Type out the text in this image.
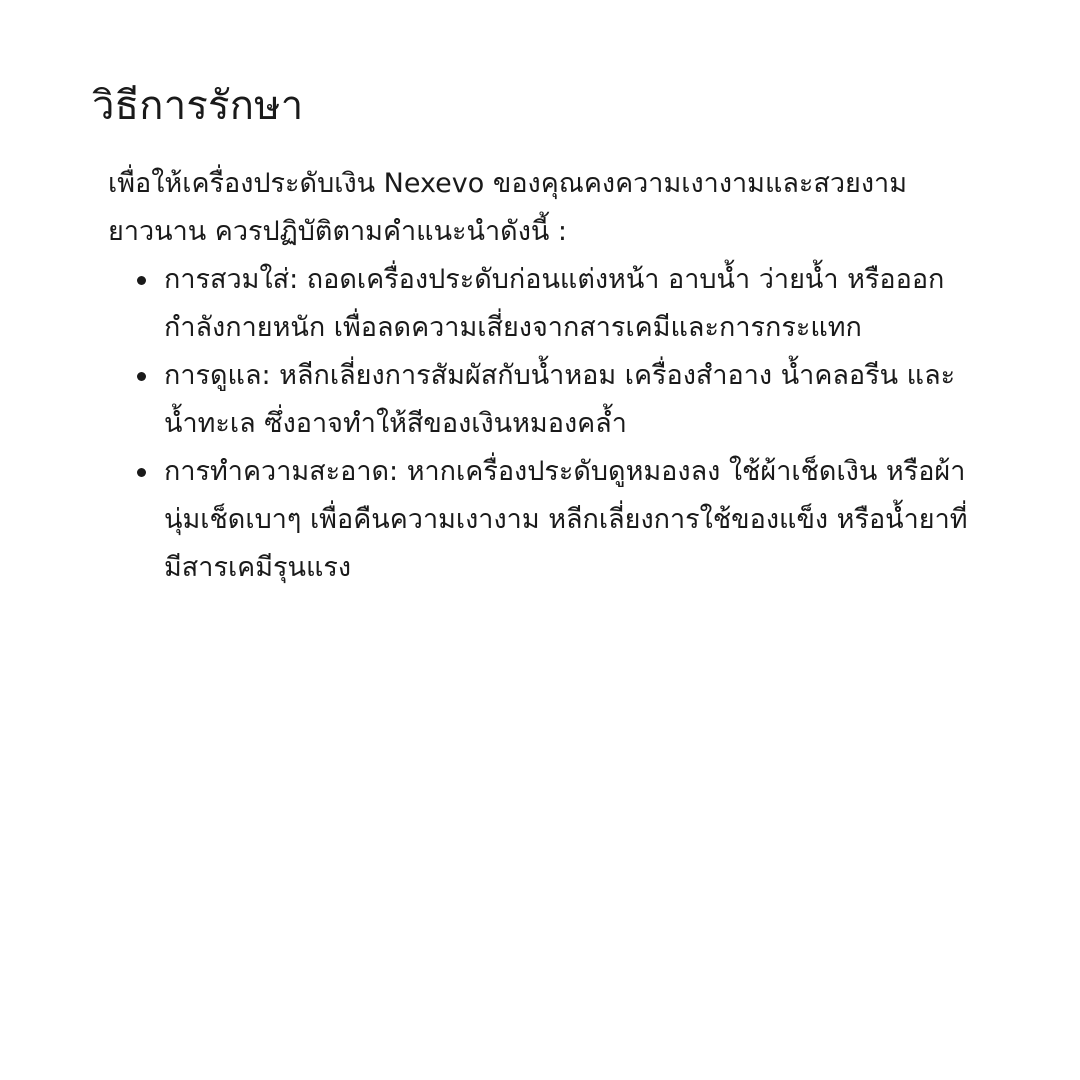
วิธีการรักษา

เพื่อให้เครื่องประดับเงิน Nexevo ของคุณคงความเงางามและสวยงามยาวนาน ควรปฏิบัติตามคำแนะนำดังนี้ :

การสวมใส่: ถอดเครื่องประดับก่อนแต่งหน้า อาบน้ำ ว่ายน้ำ หรือออกกำลังกายหนัก เพื่อลดความเสี่ยงจากสารเคมีและการกระแทก
การดูแล: หลีกเลี่ยงการสัมผัสกับน้ำหอม เครื่องสำอาง น้ำคลอรีน และน้ำทะเล ซึ่งอาจทำให้สีของเงินหมองคล้ำ
การทำความสะอาด: หากเครื่องประดับดูหมองลง ใช้ผ้าเช็ดเงิน หรือผ้านุ่มเช็ดเบาๆ เพื่อคืนความเงางาม หลีกเลี่ยงการใช้ของแข็ง หรือน้ำยาที่มีสารเคมีรุนแรง
